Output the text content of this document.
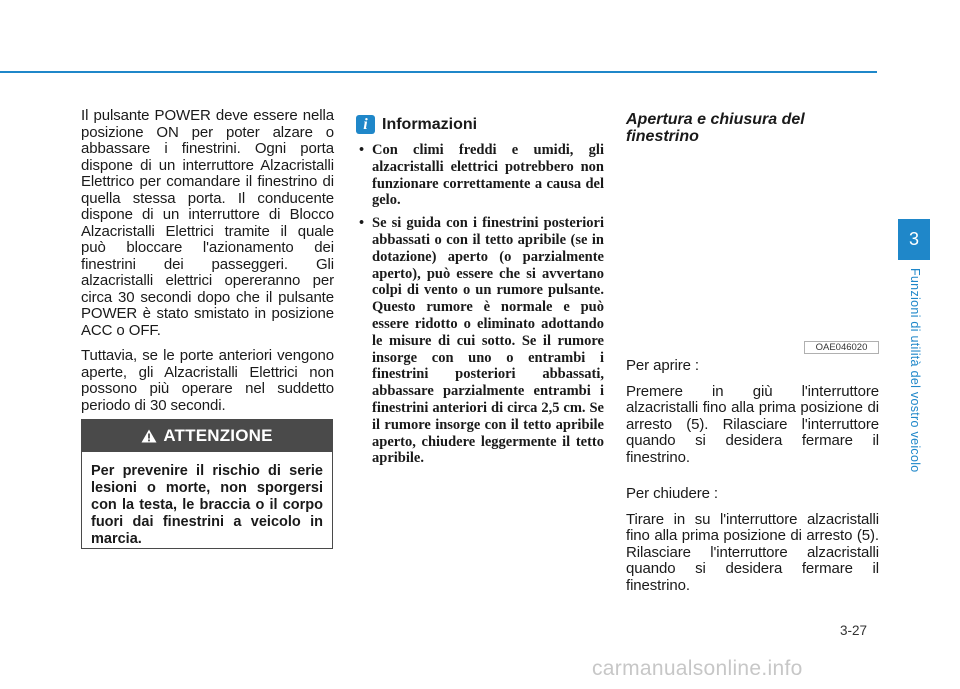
Il pulsante POWER deve essere nella posizione ON per poter alzare o abbassare i finestrini. Ogni porta dispone di un interruttore Alzacristalli Elettrico per comandare il finestrino di quella stessa porta. Il conducente dispone di un interruttore di Blocco Alzacristalli Elettrici tramite il quale può bloccare l'azionamento dei finestrini dei passeggeri. Gli alzacristalli elettrici opereranno per circa 30 secondi dopo che il pulsante POWER è stato smistato in posizione ACC o OFF.

Tuttavia, se le porte anteriori vengono aperte, gli Alzacristalli Elettrici non possono più operare nel suddetto periodo di 30 secondi.

ATTENZIONE
Per prevenire il rischio di serie lesioni o morte, non sporgersi con la testa, le braccia o il corpo fuori dai finestrini a veicolo in marcia.
i Informazioni
• Con climi freddi e umidi, gli alzacristalli elettrici potrebbero non funzionare correttamente a causa del gelo.
• Se si guida con i finestrini posteriori abbassati o con il tetto apribile (se in dotazione) aperto (o parzialmente aperto), può essere che si avvertano colpi di vento o un rumore pulsante. Questo rumore è normale e può essere ridotto o eliminato adottando le misure di cui sotto. Se il rumore insorge con uno o entrambi i finestrini posteriori abbassati, abbassare parzialmente entrambi i finestrini anteriori di circa 2,5 cm. Se il rumore insorge con il tetto apribile aperto, chiudere leggermente il tetto apribile.
Apertura e chiusura del
finestrino
OAE046020

Per aprire :

Premere in giù l'interruttore alzacristalli fino alla prima posizione di arresto (5). Rilasciare l'interruttore quando si desidera fermare il finestrino.

Per chiudere :

Tirare in su l'interruttore alzacristalli fino alla prima posizione di arresto (5). Rilasciare l'interruttore alzacristalli quando si desidera fermare il finestrino.

3
Funzioni di utilità del vostro veicolo
3-27
carmanualsonline.info
